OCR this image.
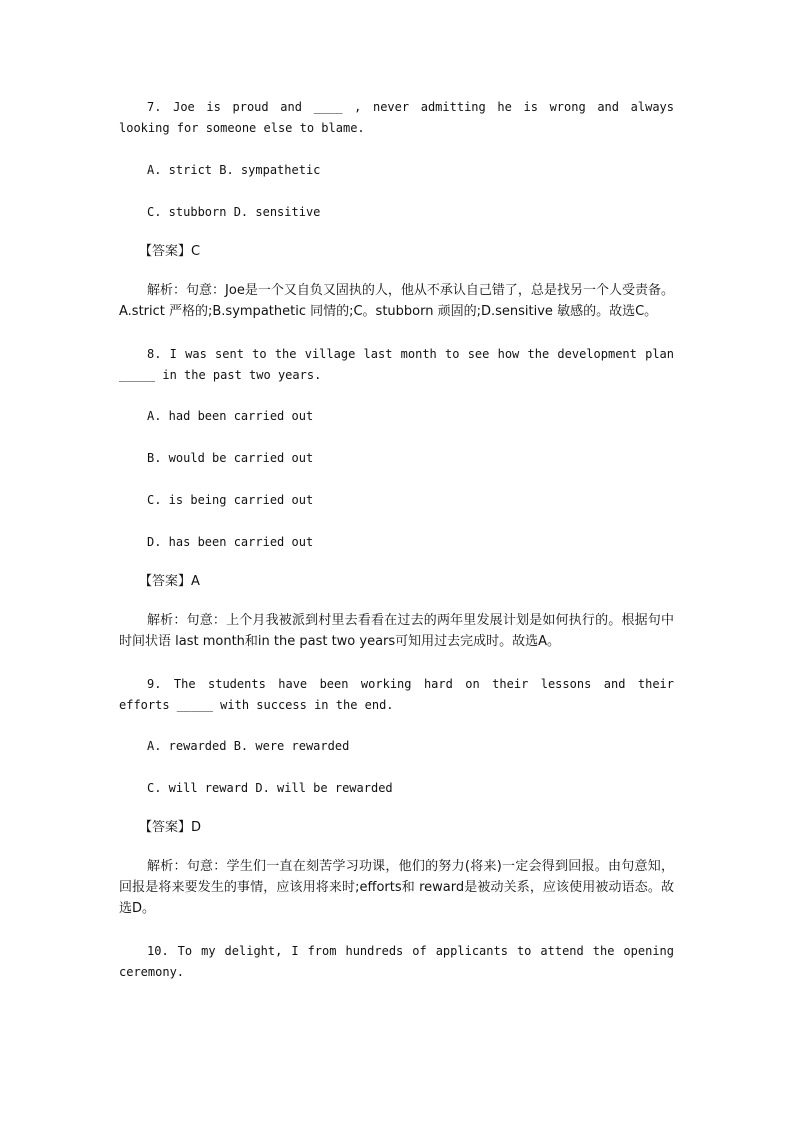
7. Joe is proud and ____ , never admitting he is wrong and always looking for someone else to blame.

A. strict B. sympathetic

C. stubborn D. sensitive

【答案】C

解析：句意：Joe是一个又自负又固执的人，他从不承认自己错了，总是找另一个人受责备。A.strict 严格的;B.sympathetic 同情的;C。stubborn 顽固的;D.sensitive 敏感的。故选C。

8. I was sent to the village last month to see how the development plan _____ in the past two years.

A. had been carried out

B. would be carried out

C. is being carried out

D. has been carried out

【答案】A

解析：句意：上个月我被派到村里去看看在过去的两年里发展计划是如何执行的。根据句中时间状语 last month和in the past two years可知用过去完成时。故选A。

9. The students have been working hard on their lessons and their efforts _____ with success in the end.

A. rewarded B. were rewarded

C. will reward D. will be rewarded

【答案】D

解析：句意：学生们一直在刻苦学习功课，他们的努力(将来)一定会得到回报。由句意知，回报是将来要发生的事情，应该用将来时;efforts和 reward是被动关系，应该使用被动语态。故选D。

10. To my delight, I from hundreds of applicants to attend the opening ceremony.
